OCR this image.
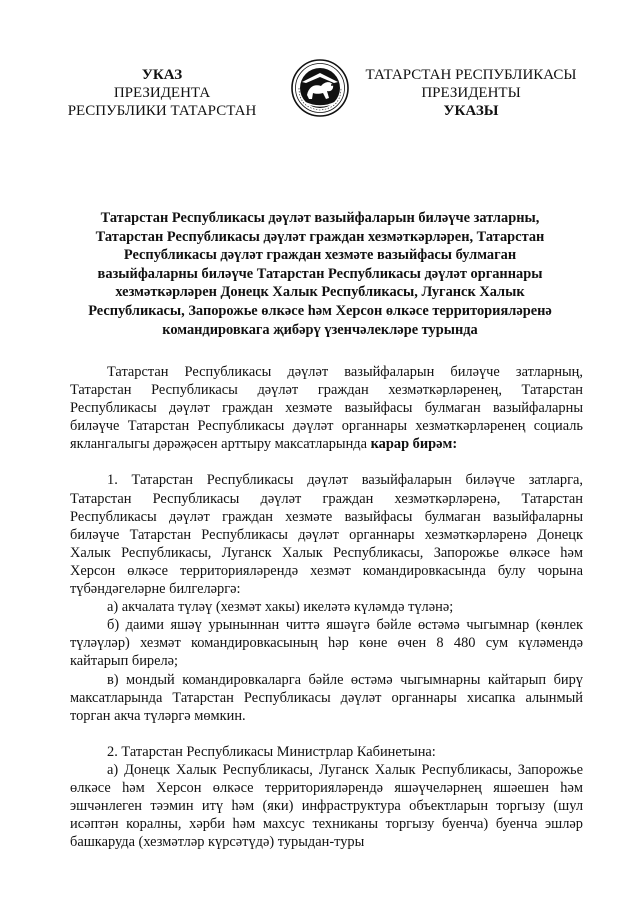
УКАЗ
ПРЕЗИДЕНТА
РЕСПУБЛИКИ ТАТАРСТАН
ТАТАРСТАН РЕСПУБЛИКАСЫ
ПРЕЗИДЕНТЫ
УКАЗЫ
Татарстан Республикасы дәүләт вазыйфаларын биләүче затларны,
Татарстан Республикасы дәүләт граждан хезмәткәрләрен, Татарстан
Республикасы дәүләт граждан хезмәте вазыйфасы булмаган
вазыйфаларны биләүче Татарстан Республикасы дәүләт органнары
хезмәткәрләрен Донецк Халык Республикасы, Луганск Халык
Республикасы, Запорожье өлкәсе һәм Херсон өлкәсе территорияләренә
командировкага җибәрү үзенчәлекләре турында

Татарстан Республикасы дәүләт вазыйфаларын биләүче затларның, Татарстан Республикасы дәүләт граждан хезмәткәрләренең, Татарстан Республикасы дәүләт граждан хезмәте вазыйфасы булмаган вазыйфаларны биләүче Татарстан Республикасы дәүләт органнары хезмәткәрләренең социаль яклангалыгы дәрәҗәсен арттыру максатларында карар бирәм:

1. Татарстан Республикасы дәүләт вазыйфаларын биләүче затларга, Татарстан Республикасы дәүләт граждан хезмәткәрләренә, Татарстан Республикасы дәүләт граждан хезмәте вазыйфасы булмаган вазыйфаларны биләүче Татарстан Республикасы дәүләт органнары хезмәткәрләренә Донецк Халык Республикасы, Луганск Халык Республикасы, Запорожье өлкәсе һәм Херсон өлкәсе территорияләрендә хезмәт командировкасында булу чорына түбәндәгеләрне билгеләргә:

а) акчалата түләү (хезмәт хакы) икеләтә күләмдә түләнә;

б) даими яшәү урыныннан читтә яшәүгә бәйле өстәмә чыгымнар (көнлек түләүләр) хезмәт командировкасының һәр көне өчен 8 480 сум күләмендә кайтарып бирелә;

в) мондый командировкаларга бәйле өстәмә чыгымнарны кайтарып бирү максатларында Татарстан Республикасы дәүләт органнары хисапка алынмый торган акча түләргә мөмкин.

2. Татарстан Республикасы Министрлар Кабинетына:

а) Донецк Халык Республикасы, Луганск Халык Республикасы, Запорожье өлкәсе һәм Херсон өлкәсе территорияләрендә яшәүчеләрнең яшәешен һәм эшчәнлеген тәэмин итү һәм (яки) инфраструктура объектларын торгызу (шул исәптән коралны, хәрби һәм махсус техниканы торгызу буенча) буенча эшләр башкаруда (хезмәтләр күрсәтүдә) турыдан-туры
